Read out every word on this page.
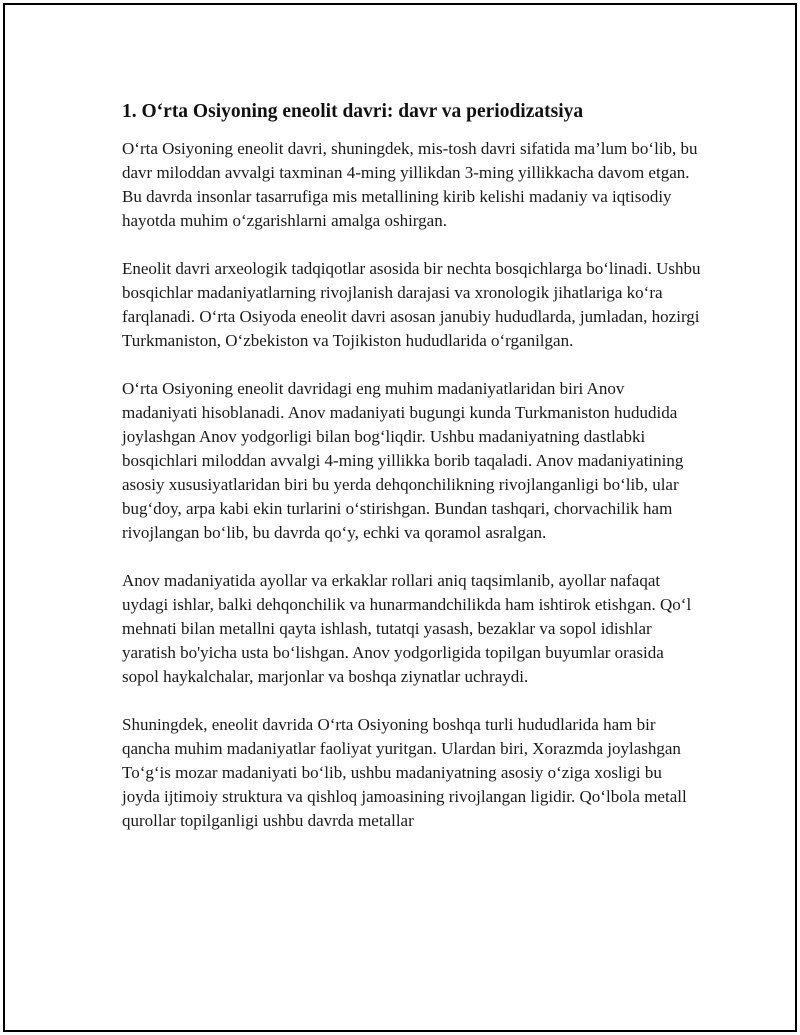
1. O‘rta Osiyoning eneolit davri: davr va periodizatsiya

O‘rta Osiyoning eneolit davri, shuningdek, mis-tosh davri sifatida ma’lum bo‘lib, bu davr miloddan avvalgi taxminan 4-ming yillikdan 3-ming yillikkacha davom etgan. Bu davrda insonlar tasarrufiga mis metallining kirib kelishi madaniy va iqtisodiy hayotda muhim o‘zgarishlarni amalga oshirgan.

Eneolit davri arxeologik tadqiqotlar asosida bir nechta bosqichlarga bo‘linadi. Ushbu bosqichlar madaniyatlarning rivojlanish darajasi va xronologik jihatlariga ko‘ra farqlanadi. O‘rta Osiyoda eneolit davri asosan janubiy hududlarda, jumladan, hozirgi Turkmaniston, O‘zbekiston va Tojikiston hududlarida o‘rganilgan.

O‘rta Osiyoning eneolit davridagi eng muhim madaniyatlaridan biri Anov madaniyati hisoblanadi. Anov madaniyati bugungi kunda Turkmaniston hududida joylashgan Anov yodgorligi bilan bog‘liqdir. Ushbu madaniyatning dastlabki bosqichlari miloddan avvalgi 4-ming yillikka borib taqaladi. Anov madaniyatining asosiy xususiyatlaridan biri bu yerda dehqonchilikning rivojlanganligi bo‘lib, ular bug‘doy, arpa kabi ekin turlarini o‘stirishgan. Bundan tashqari, chorvachilik ham rivojlangan bo‘lib, bu davrda qo‘y, echki va qoramol asralgan.

Anov madaniyatida ayollar va erkaklar rollari aniq taqsimlanib, ayollar nafaqat uydagi ishlar, balki dehqonchilik va hunarmandchilikda ham ishtirok etishgan. Qo‘l mehnati bilan metallni qayta ishlash, tutatqi yasash, bezaklar va sopol idishlar yaratish bo'yicha usta bo‘lishgan. Anov yodgorligida topilgan buyumlar orasida sopol haykalchalar, marjonlar va boshqa ziynatlar uchraydi.

Shuningdek, eneolit davrida O‘rta Osiyoning boshqa turli hududlarida ham bir qancha muhim madaniyatlar faoliyat yuritgan. Ulardan biri, Xorazmda joylashgan To‘g‘is mozar madaniyati bo‘lib, ushbu madaniyatning asosiy o‘ziga xosligi bu joyda ijtimoiy struktura va qishloq jamoasining rivojlangan ligidir. Qo‘lbola metall qurollar topilganligi ushbu davrda metallar
